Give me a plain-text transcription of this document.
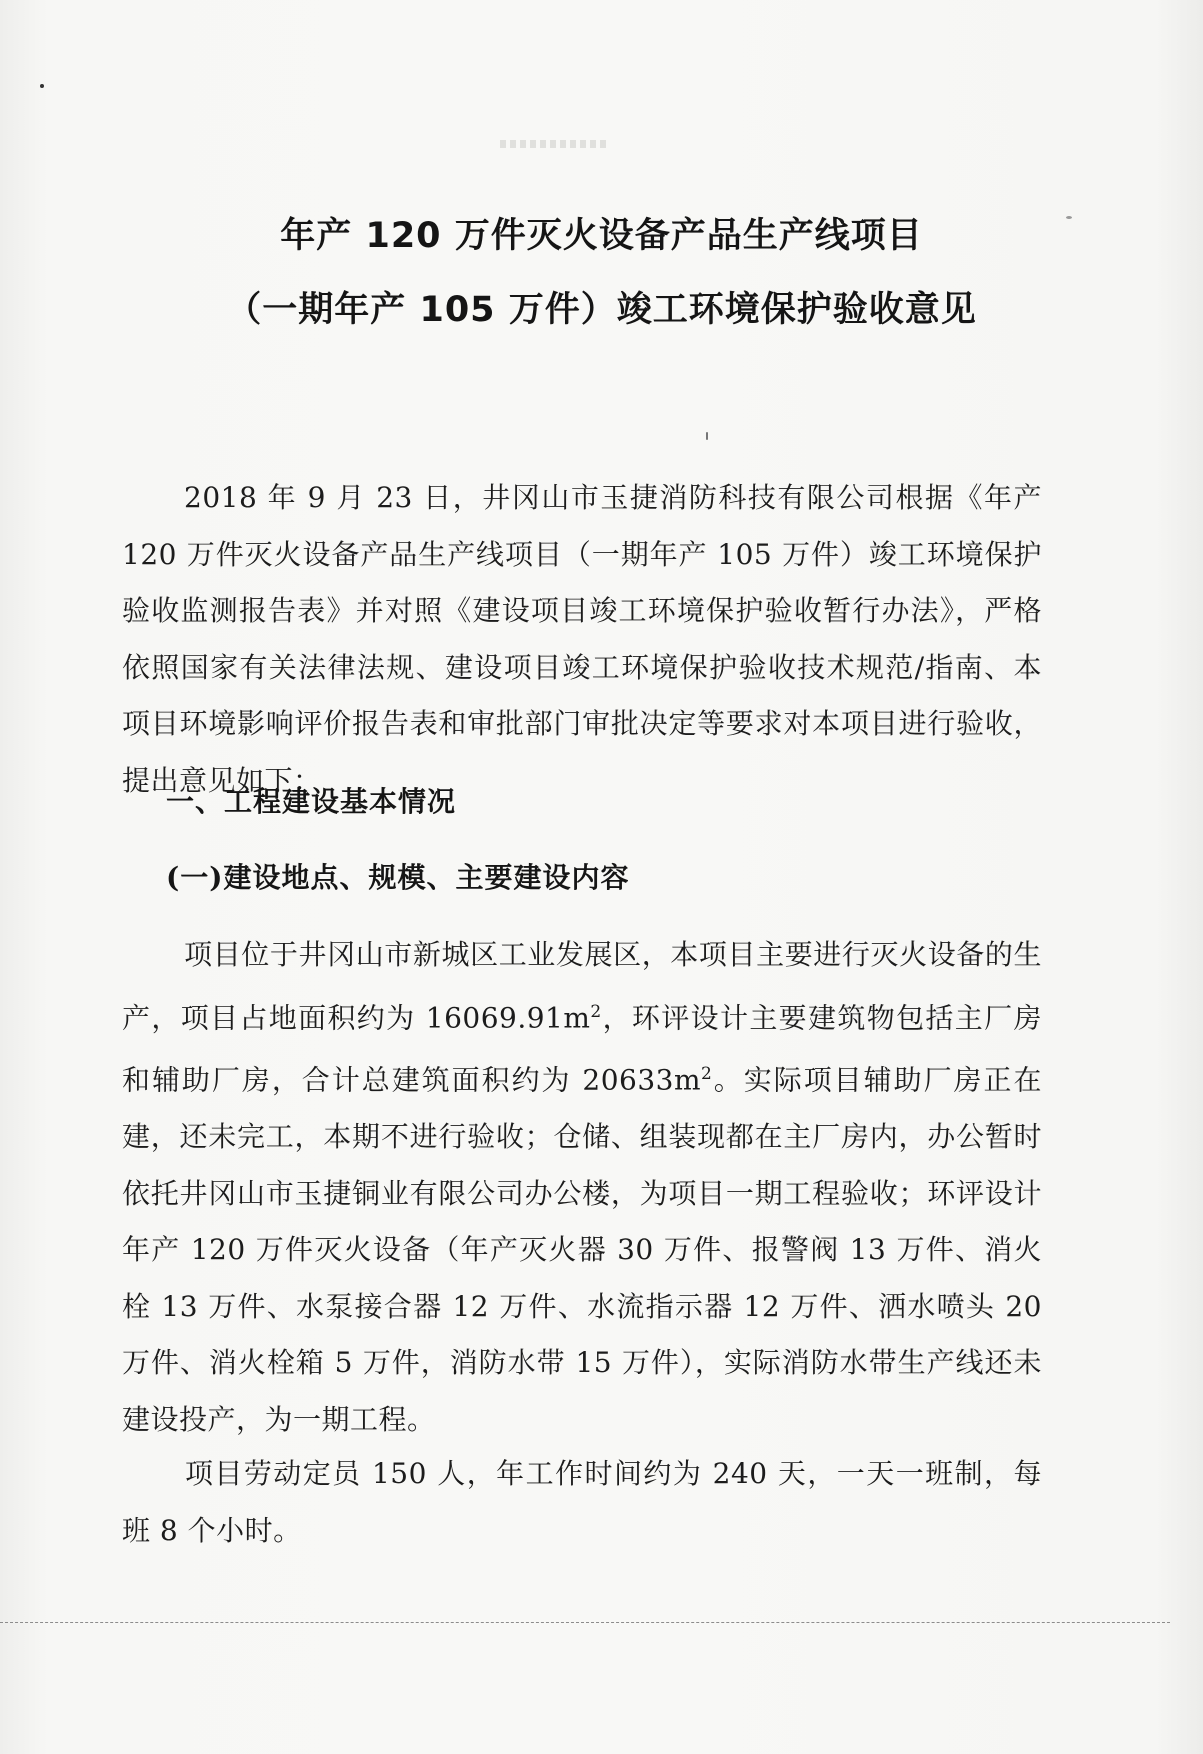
年产 120 万件灭火设备产品生产线项目
（一期年产 105 万件）竣工环境保护验收意见
2018 年 9 月 23 日，井冈山市玉捷消防科技有限公司根据《年产 120 万件灭火设备产品生产线项目（一期年产 105 万件）竣工环境保护验收监测报告表》并对照《建设项目竣工环境保护验收暂行办法》，严格依照国家有关法律法规、建设项目竣工环境保护验收技术规范/指南、本项目环境影响评价报告表和审批部门审批决定等要求对本项目进行验收，提出意见如下：
一、工程建设基本情况
(一)建设地点、规模、主要建设内容
项目位于井冈山市新城区工业发展区，本项目主要进行灭火设备的生产，项目占地面积约为 $16069.91m^2$，环评设计主要建筑物包括主厂房和辅助厂房，合计总建筑面积约为 $20633m^2$。实际项目辅助厂房正在建，还未完工，本期不进行验收；仓储、组装现都在主厂房内，办公暂时依托井冈山市玉捷铜业有限公司办公楼，为项目一期工程验收；环评设计年产 120 万件灭火设备（年产灭火器 30 万件、报警阀 13 万件、消火栓 13 万件、水泵接合器 12 万件、水流指示器 12 万件、洒水喷头 20 万件、消火栓箱 5 万件，消防水带 15 万件），实际消防水带生产线还未建设投产，为一期工程。
项目劳动定员 150 人，年工作时间约为 240 天，一天一班制，每班 8 个小时。
